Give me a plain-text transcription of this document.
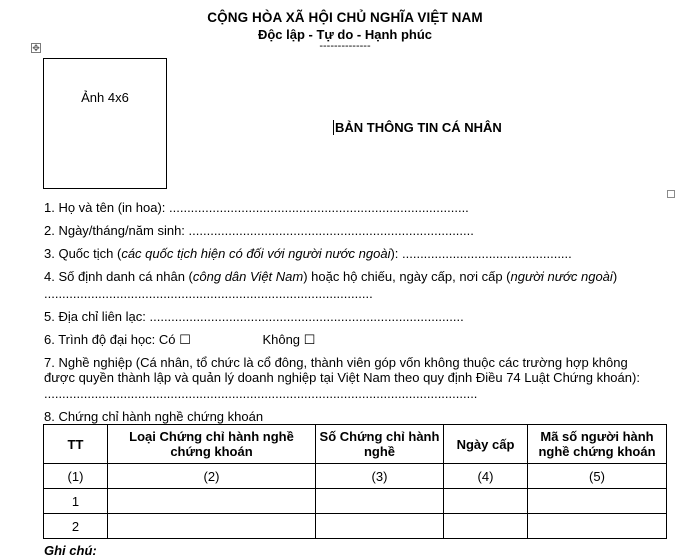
CỘNG HÒA XÃ HỘI CHỦ NGHĨA VIỆT NAM
Độc lập - Tự do - Hạnh phúc
--------------
✥
Ảnh 4x6
BẢN THÔNG TIN CÁ NHÂN
1. Họ và tên (in hoa): ...................................................................................
2. Ngày/tháng/năm sinh: ...............................................................................
3. Quốc tịch (các quốc tịch hiện có đối với người nước ngoài): ...............................................
4. Số định danh cá nhân (công dân Việt Nam) hoặc hộ chiếu, ngày cấp, nơi cấp (người nước ngoài)
...........................................................................................
5. Địa chỉ liên lạc: .......................................................................................
6. Trình độ đại học: Có ☐	Không ☐
7. Nghề nghiệp (Cá nhân, tổ chức là cổ đông, thành viên góp vốn không thuộc các trường hợp không
được quyền thành lập và quản lý doanh nghiệp tại Việt Nam theo quy định Điều 74 Luật Chứng khoán):
........................................................................................................................
8. Chứng chỉ hành nghề chứng khoán
TT	Loại Chứng chỉ hành nghề chứng khoán	Số Chứng chỉ hành nghề	Ngày cấp	Mã số người hành nghề chứng khoán
(1)	(2)	(3)	(4)	(5)
1				
2				
Ghi chú:
